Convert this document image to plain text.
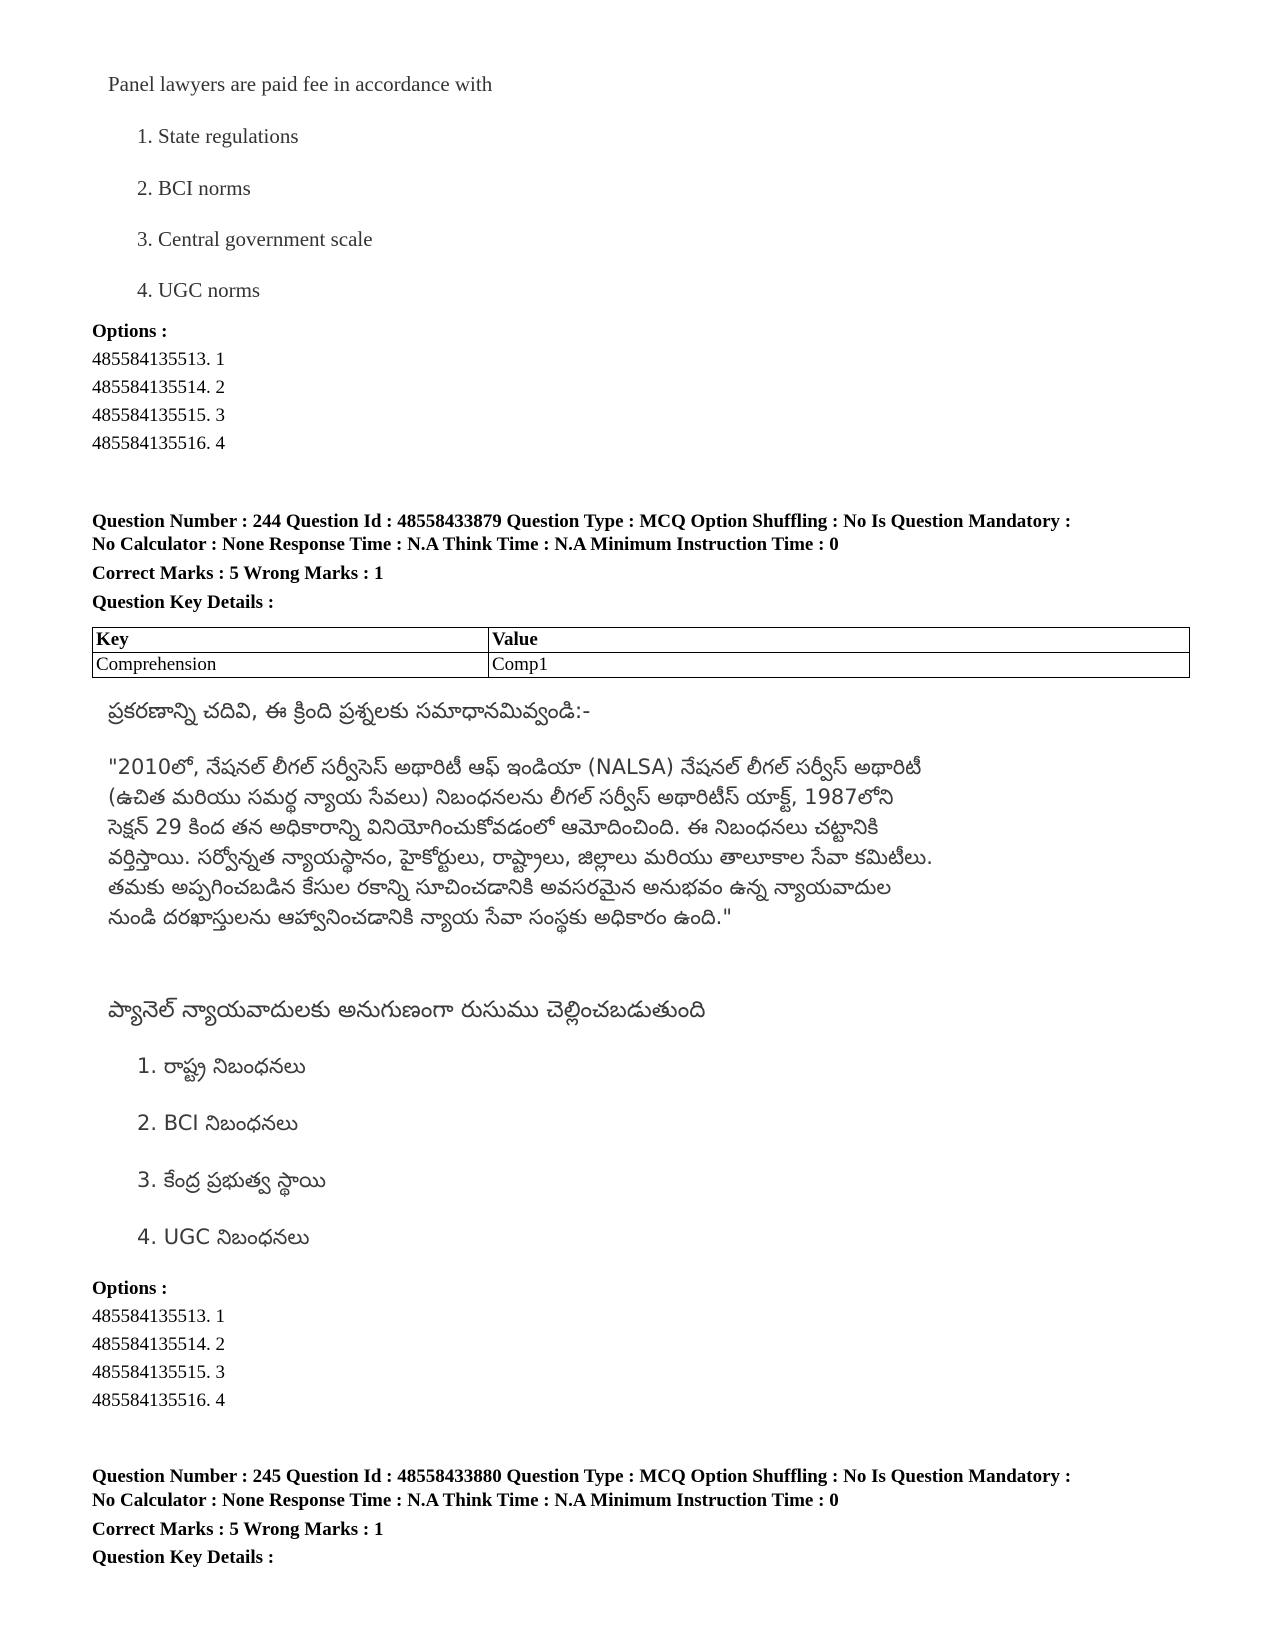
Panel lawyers are paid fee in accordance with
1. State regulations
2. BCI norms
3. Central government scale
4. UGC norms
Options :
485584135513. 1
485584135514. 2
485584135515. 3
485584135516. 4
Question Number : 244 Question Id : 48558433879 Question Type : MCQ Option Shuffling : No Is Question Mandatory :
No Calculator : None Response Time : N.A Think Time : N.A Minimum Instruction Time : 0
Correct Marks : 5 Wrong Marks : 1
Question Key Details :
Key	Value
Comprehension	Comp1
ప్రకరణాన్ని చదివి, ఈ క్రింది ప్రశ్నలకు సమాధానమివ్వండి:-
"2010లో, నేషనల్ లీగల్ సర్వీసెస్ అథారిటీ ఆఫ్ ఇండియా (NALSA) నేషనల్ లీగల్ సర్వీస్ అథారిటీ
(ఉచిత మరియు సమర్థ న్యాయ సేవలు) నిబంధనలను లీగల్ సర్వీస్ అథారిటీస్ యాక్ట్, 1987లోని
సెక్షన్ 29 కింద తన అధికారాన్ని వినియోగించుకోవడంలో ఆమోదించింది. ఈ నిబంధనలు చట్టానికి
వర్తిస్తాయి. సర్వోన్నత న్యాయస్థానం, హైకోర్టులు, రాష్ట్రాలు, జిల్లాలు మరియు తాలూకాల సేవా కమిటీలు.
తమకు అప్పగించబడిన కేసుల రకాన్ని సూచించడానికి అవసరమైన అనుభవం ఉన్న న్యాయవాదుల
నుండి దరఖాస్తులను ఆహ్వానించడానికి న్యాయ సేవా సంస్థకు అధికారం ఉంది."
ప్యానెల్ న్యాయవాదులకు అనుగుణంగా రుసుము చెల్లించబడుతుంది
1. రాష్ట్ర నిబంధనలు
2. BCI నిబంధనలు
3. కేంద్ర ప్రభుత్వ స్థాయి
4. UGC నిబంధనలు
Options :
485584135513. 1
485584135514. 2
485584135515. 3
485584135516. 4
Question Number : 245 Question Id : 48558433880 Question Type : MCQ Option Shuffling : No Is Question Mandatory :
No Calculator : None Response Time : N.A Think Time : N.A Minimum Instruction Time : 0
Correct Marks : 5 Wrong Marks : 1
Question Key Details :
